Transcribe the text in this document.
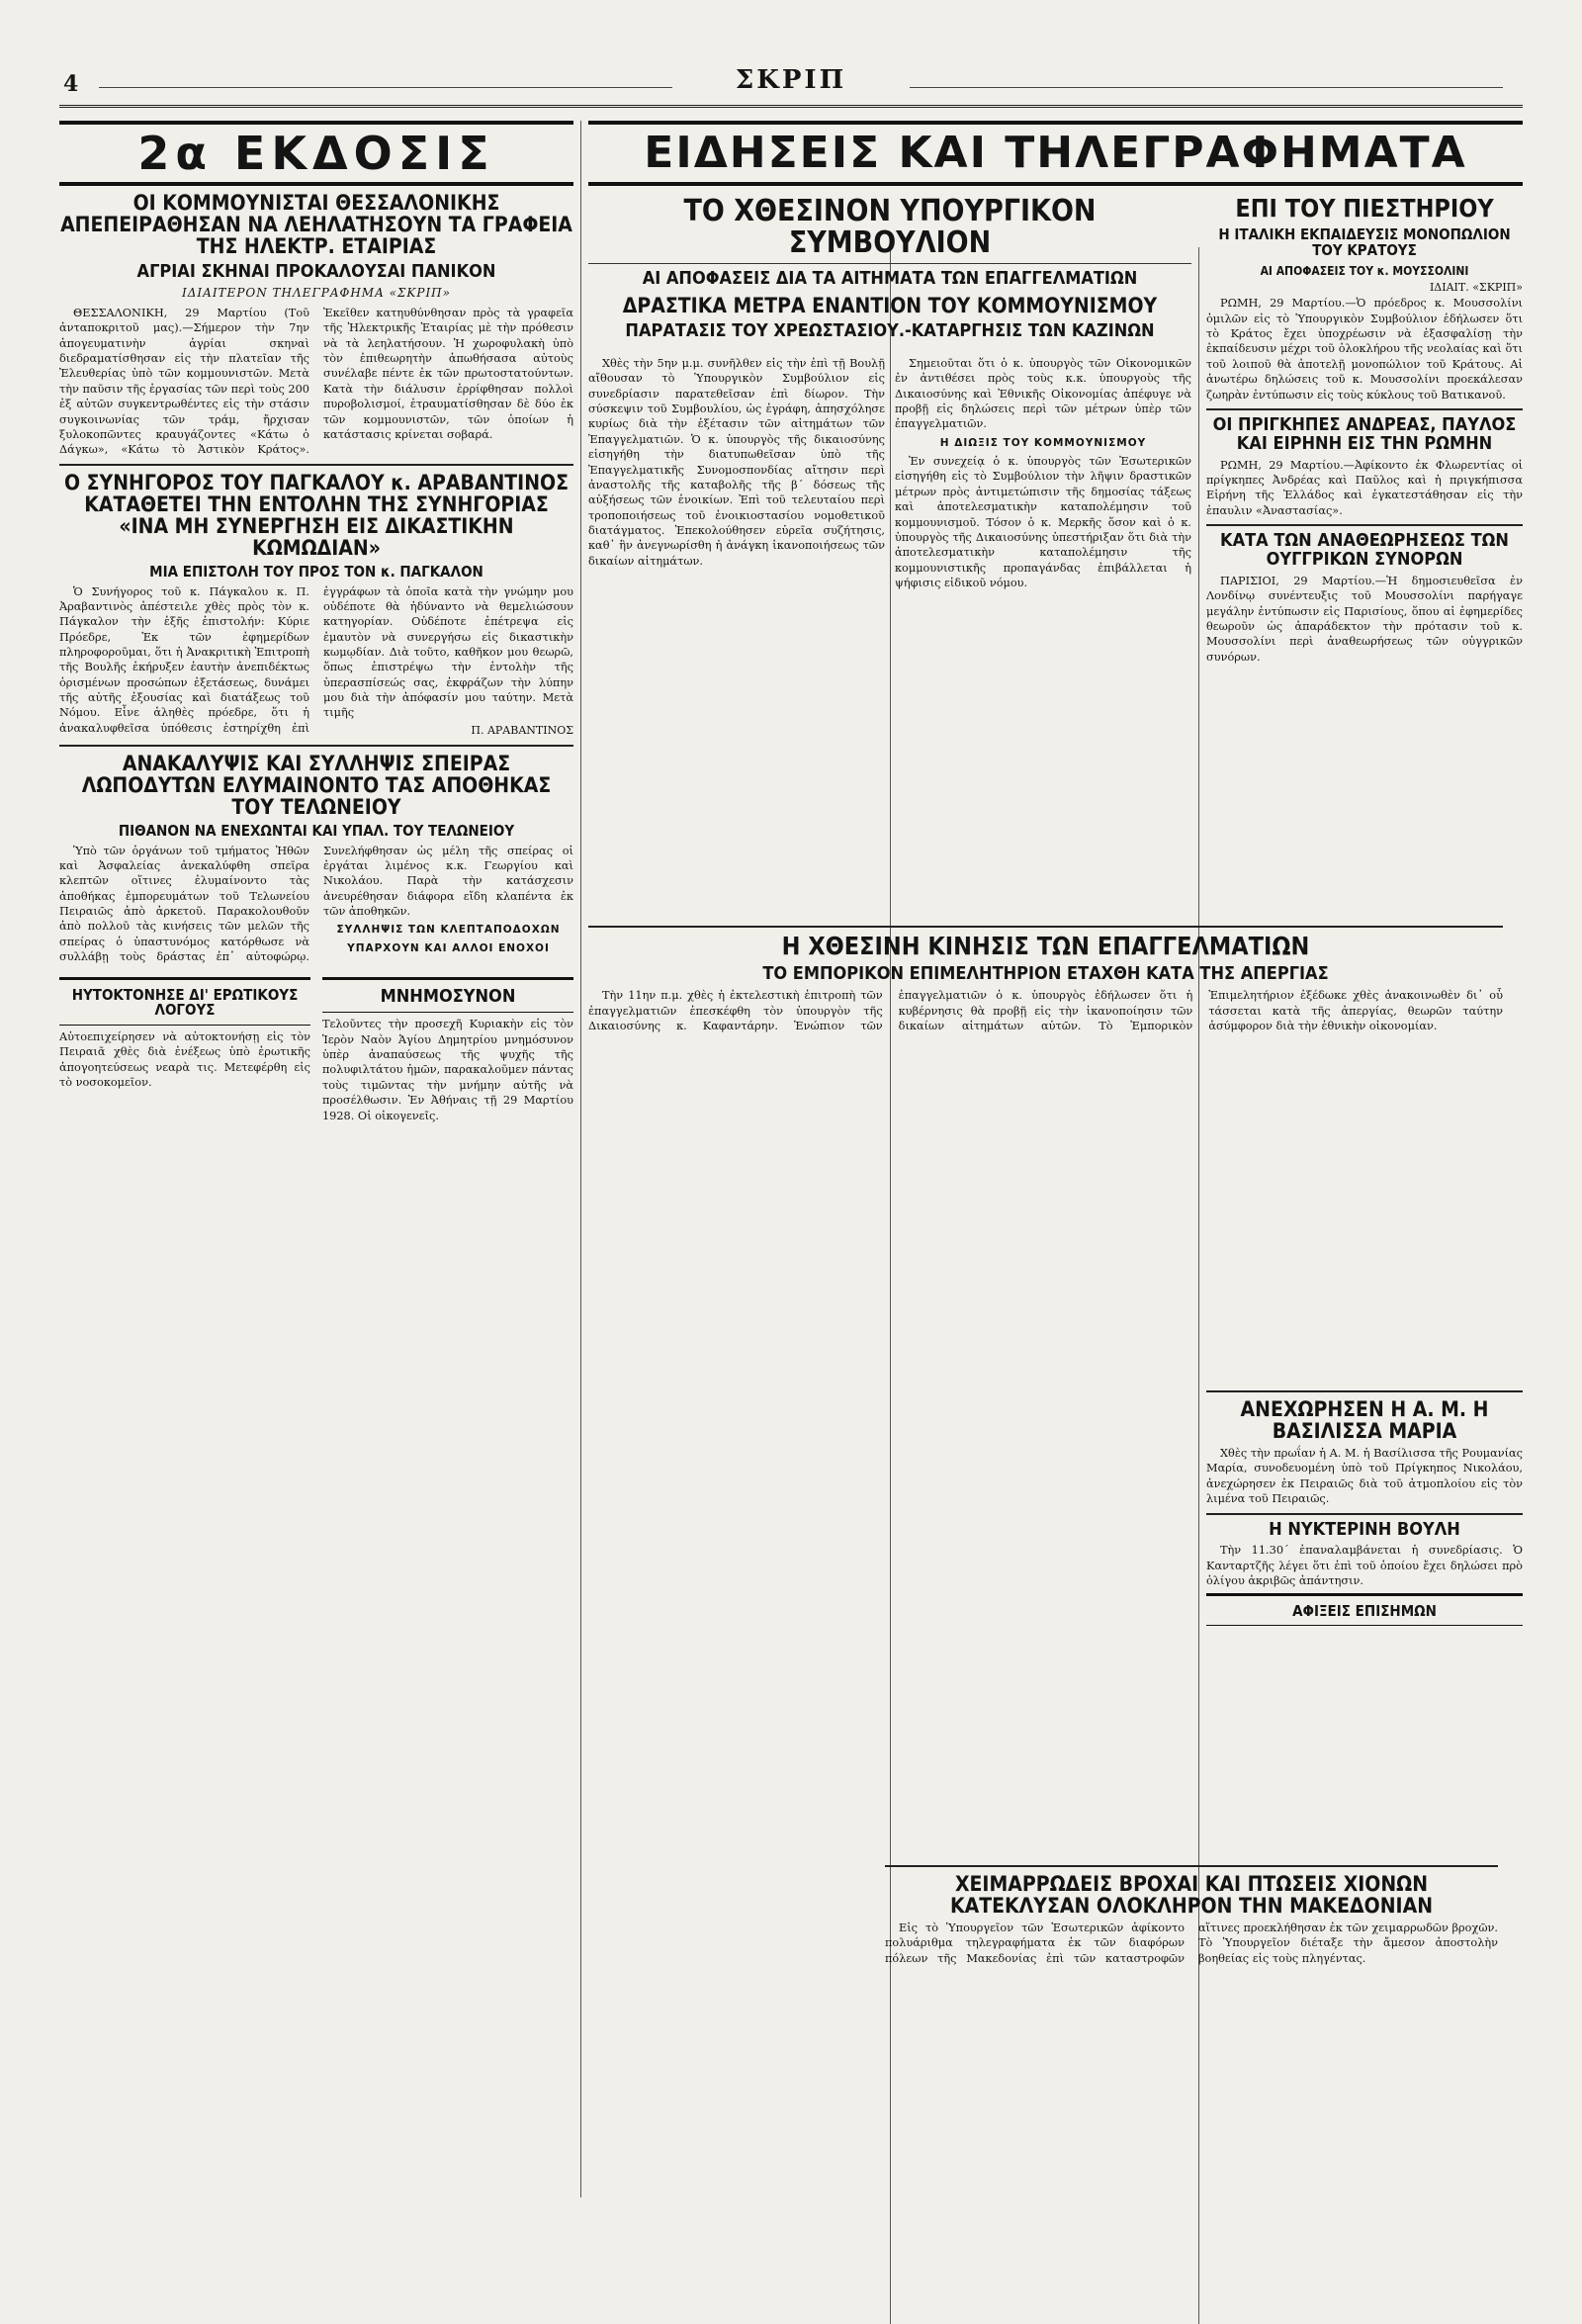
4	ΣΚΡΙΠ
ΕΙΔΗΣΕΙΣ ΚΑΙ ΤΗΛΕΓΡΑΦΗΜΑΤΑ
2α ΕΚΔΟΣΙΣ
ΟΙ ΚΟΜΜΟΥΝΙΣΤΑΙ ΘΕΣΣΑΛΟΝΙΚΗΣ ΑΠΕΠΕΙΡΑΘΗΣΑΝ ΝΑ ΛΕΗΛΑΤΗΣΟΥΝ ΤΑ ΓΡΑΦΕΙΑ ΤΗΣ ΗΛΕΚΤΡ. ΕΤΑΙΡΙΑΣ
ΑΓΡΙΑΙ ΣΚΗΝΑΙ ΠΡΟΚΑΛΟΥΣΑΙ ΠΑΝΙΚΟΝ
ΙΔΙΑΙΤΕΡΟΝ ΤΗΛΕΓΡΑΦΗΜΑ «ΣΚΡΙΠ»

ΘΕΣΣΑΛΟΝΙΚΗ, 29 Μαρτίου (Τοῦ ἀνταποκριτοῦ μας).—Σήμερον τὴν 7ην ἀπογευματινὴν ἀγρίαι σκηναὶ διεδραματίσθησαν εἰς τὴν πλατεῖαν τῆς Ἐλευθερίας ὑπὸ τῶν κομμουνιστῶν. Μετὰ τὴν παῦσιν τῆς ἐργασίας τῶν περὶ τοὺς 200 ἐξ αὐτῶν συγκεντρωθέντες εἰς τὴν στάσιν συγκοινωνίας τῶν τράμ, ἤρχισαν ξυλοκοπῶντες κραυγάζοντες «Κάτω ὁ Δάγκω», «Κάτω τὸ Ἀστικὸν Κράτος». Ἐκεῖθεν κατηυθύνθησαν πρὸς τὰ γραφεῖα τῆς Ἠλεκτρικῆς Ἑταιρίας μὲ τὴν πρόθεσιν νὰ τὰ λεηλατήσουν. Ἡ χωροφυλακὴ ὑπὸ τὸν ἐπιθεωρητὴν ἀπωθήσασα αὐτοὺς συνέλαβε πέντε ἐκ τῶν πρωτοστατούντων. Κατὰ τὴν διάλυσιν ἐρρίφθησαν πολλοὶ πυροβολισμοί, ἐτραυματίσθησαν δὲ δύο ἐκ τῶν κομμουνιστῶν, τῶν ὁποίων ἡ κατάστασις κρίνεται σοβαρά.

Ο ΣΥΝΗΓΟΡΟΣ ΤΟΥ ΠΑΓΚΑΛΟΥ κ. ΑΡΑΒΑΝΤΙΝΟΣ ΚΑΤΑΘΕΤΕΙ ΤΗΝ ΕΝΤΟΛΗΝ ΤΗΣ ΣΥΝΗΓΟΡΙΑΣ «ΙΝΑ ΜΗ ΣΥΝΕΡΓΗΣΗ ΕΙΣ ΔΙΚΑΣΤΙΚΗΝ ΚΩΜΩΔΙΑΝ»
ΜΙΑ ΕΠΙΣΤΟΛΗ ΤΟΥ ΠΡΟΣ ΤΟΝ κ. ΠΑΓΚΑΛΟΝ

Ὁ Συνήγορος τοῦ κ. Πάγκαλου κ. Π. Ἀραβαντινὸς ἀπέστειλε χθὲς πρὸς τὸν κ. Πάγκαλον τὴν ἑξῆς ἐπιστολήν: Κύριε Πρόεδρε, Ἐκ τῶν ἐφημερίδων πληροφοροῦμαι, ὅτι ἡ Ἀνακριτικὴ Ἐπιτροπὴ τῆς Βουλῆς ἐκήρυξεν ἑαυτὴν ἀνεπιδέκτως ὁρισμένων προσώπων ἐξετάσεως, δυνάμει τῆς αὐτῆς ἐξουσίας καὶ διατάξεως τοῦ Νόμου. Εἶνε ἀληθὲς πρόεδρε, ὅτι ἡ ἀνακαλυφθεῖσα ὑπόθεσις ἐστηρίχθη ἐπὶ ἐγγράφων τὰ ὁποῖα κατὰ τὴν γνώμην μου οὐδέποτε θὰ ἠδύναντο νὰ θεμελιώσουν κατηγορίαν. Οὐδέποτε ἐπέτρεψα εἰς ἐμαυτὸν νὰ συνεργήσω εἰς δικαστικὴν κωμῳδίαν. Διὰ τοῦτο, καθῆκον μου θεωρῶ, ὅπως ἐπιστρέψω τὴν ἐντολὴν τῆς ὑπερασπίσεώς σας, ἐκφράζων τὴν λύπην μου διὰ τὴν ἀπόφασίν μου ταύτην. Μετὰ τιμῆς

Π. ΑΡΑΒΑΝΤΙΝΟΣ
ΑΝΑΚΑΛΥΨΙΣ ΚΑΙ ΣΥΛΛΗΨΙΣ ΣΠΕΙΡΑΣ ΛΩΠΟΔΥΤΩΝ ΕΛΥΜΑΙΝΟΝΤΟ ΤΑΣ ΑΠΟΘΗΚΑΣ ΤΟΥ ΤΕΛΩΝΕΙΟΥ
ΠΙΘΑΝΟΝ ΝΑ ΕΝΕΧΩΝΤΑΙ ΚΑΙ ΥΠΑΛ. ΤΟΥ ΤΕΛΩΝΕΙΟΥ

Ὑπὸ τῶν ὀργάνων τοῦ τμήματος Ἠθῶν καὶ Ἀσφαλείας ἀνεκαλύφθη σπεῖρα κλεπτῶν οἵτινες ἐλυμαίνοντο τὰς ἀποθήκας ἐμπορευμάτων τοῦ Τελωνείου Πειραιῶς ἀπὸ ἀρκετοῦ. Παρακολουθοῦν ἀπὸ πολλοῦ τὰς κινήσεις τῶν μελῶν τῆς σπείρας ὁ ὑπαστυνόμος κατόρθωσε νὰ συλλάβῃ τοὺς δράστας ἐπ᾽ αὐτοφώρῳ. Συνελήφθησαν ὡς μέλη τῆς σπείρας οἱ ἐργάται λιμένος κ.κ. Γεωργίου καὶ Νικολάου. Παρὰ τὴν κατάσχεσιν ἀνευρέθησαν διάφορα εἴδη κλαπέντα ἐκ τῶν ἀποθηκῶν.

ΣΥΛΛΗΨΙΣ ΤΩΝ ΚΛΕΠΤΑΠΟΔΟΧΩΝ
ΥΠΑΡΧΟΥΝ ΚΑΙ ΑΛΛΟΙ ΕΝΟΧΟΙ
ΗΥΤΟΚΤΟΝΗΣΕ ΔΙ' ΕΡΩΤΙΚΟΥΣ ΛΟΓΟΥΣ
Αὐτοεπιχείρησεν νὰ αὐτοκτονήσῃ εἰς τὸν Πειραιᾶ χθὲς διὰ ἐνέξεως ὑπὸ ἐρωτικῆς ἀπογοητεύσεως νεαρὰ τις. Μετεφέρθη εἰς τὸ νοσοκομεῖον.
ΜΝΗΜΟΣΥΝΟΝ
Τελοῦντες τὴν προσεχῆ Κυριακὴν εἰς τὸν Ἱερὸν Ναὸν Ἁγίου Δημητρίου μνημόσυνον ὑπὲρ ἀναπαύσεως τῆς ψυχῆς τῆς πολυφιλτάτου ἡμῶν, παρακαλοῦμεν πάντας τοὺς τιμῶντας τὴν μνήμην αὐτῆς νὰ προσέλθωσιν. Ἐν Ἀθήναις τῇ 29 Μαρτίου 1928. Οἱ οἰκογενεῖς.
ΤΟ ΧΘΕΣΙΝΟΝ ΥΠΟΥΡΓΙΚΟΝ ΣΥΜΒΟΥΛΙΟΝ
ΑΙ ΑΠΟΦΑΣΕΙΣ ΔΙΑ ΤΑ ΑΙΤΗΜΑΤΑ ΤΩΝ ΕΠΑΓΓΕΛΜΑΤΙΩΝ
ΔΡΑΣΤΙΚΑ ΜΕΤΡΑ ΕΝΑΝΤΙΟΝ ΤΟΥ ΚΟΜΜΟΥΝΙΣΜΟΥ
ΠΑΡΑΤΑΣΙΣ ΤΟΥ ΧΡΕΩΣΤΑΣΙΟΥ.-ΚΑΤΑΡΓΗΣΙΣ ΤΩΝ ΚΑΖΙΝΩΝ

Χθὲς τὴν 5ην μ.μ. συνῆλθεν εἰς τὴν ἐπὶ τῇ Βουλῇ αἴθουσαν τὸ Ὑπουργικὸν Συμβούλιον εἰς συνεδρίασιν παρατεθεῖσαν ἐπὶ δίωρον. Τὴν σύσκεψιν τοῦ Συμβουλίου, ὡς ἐγράφη, ἀπησχόλησε κυρίως διὰ τὴν ἐξέτασιν τῶν αἰτημάτων τῶν Ἐπαγγελματιῶν. Ὁ κ. ὑπουργὸς τῆς δικαιοσύνης εἰσηγήθη τὴν διατυπωθεῖσαν ὑπὸ τῆς Ἐπαγγελματικῆς Συνομοσπονδίας αἴτησιν περὶ ἀναστολῆς τῆς καταβολῆς τῆς β´ δόσεως τῆς αὐξήσεως τῶν ἐνοικίων. Ἐπὶ τοῦ τελευταίου περὶ τροποποιήσεως τοῦ ἐνοικιοστασίου νομοθετικοῦ διατάγματος. Ἐπεκολούθησεν εὐρεῖα συζήτησις, καθ᾽ ἣν ἀνεγνωρίσθη ἡ ἀνάγκη ἱκανοποιήσεως τῶν δικαίων αἰτημάτων.

Σημειοῦται ὅτι ὁ κ. ὑπουργὸς τῶν Οἰκονομικῶν ἐν ἀντιθέσει πρὸς τοὺς κ.κ. ὑπουργοὺς τῆς Δικαιοσύνης καὶ Ἐθνικῆς Οἰκονομίας ἀπέφυγε νὰ προβῇ εἰς δηλώσεις περὶ τῶν μέτρων ὑπὲρ τῶν ἐπαγγελματιῶν.

Η ΔΙΩΞΙΣ ΤΟΥ ΚΟΜΜΟΥΝΙΣΜΟΥ

Ἐν συνεχείᾳ ὁ κ. ὑπουργὸς τῶν Ἐσωτερικῶν εἰσηγήθη εἰς τὸ Συμβούλιον τὴν λῆψιν δραστικῶν μέτρων πρὸς ἀντιμετώπισιν τῆς δημοσίας τάξεως καὶ ἀποτελεσματικὴν καταπολέμησιν τοῦ κομμουνισμοῦ. Τόσον ὁ κ. Μερκῆς ὅσον καὶ ὁ κ. ὑπουργὸς τῆς Δικαιοσύνης ὑπεστήριξαν ὅτι διὰ τὴν ἀποτελεσματικὴν καταπολέμησιν τῆς κομμουνιστικῆς προπαγάνδας ἐπιβάλλεται ἡ ψήφισις εἰδικοῦ νόμου.

Η ΧΘΕΣΙΝΗ ΚΙΝΗΣΙΣ ΤΩΝ ΕΠΑΓΓΕΛΜΑΤΙΩΝ
ΤΟ ΕΜΠΟΡΙΚΟΝ ΕΠΙΜΕΛΗΤΗΡΙΟΝ ΕΤΑΧΘΗ ΚΑΤΑ ΤΗΣ ΑΠΕΡΓΙΑΣ

Τὴν 11ην π.μ. χθὲς ἡ ἐκτελεστικὴ ἐπιτροπὴ τῶν ἐπαγγελματιῶν ἐπεσκέφθη τὸν ὑπουργὸν τῆς Δικαιοσύνης κ. Καφαντάρην. Ἐνώπιον τῶν ἐπαγγελματιῶν ὁ κ. ὑπουργὸς ἐδήλωσεν ὅτι ἡ κυβέρνησις θὰ προβῇ εἰς τὴν ἱκανοποίησιν τῶν δικαίων αἰτημάτων αὐτῶν. Τὸ Ἐμπορικὸν Ἐπιμελητήριον ἐξέδωκε χθὲς ἀνακοινωθὲν δι᾽ οὗ τάσσεται κατὰ τῆς ἀπεργίας, θεωρῶν ταύτην ἀσύμφορον διὰ τὴν ἐθνικὴν οἰκονομίαν.

ΧΕΙΜΑΡΡΩΔΕΙΣ ΒΡΟΧΑΙ ΚΑΙ ΠΤΩΣΕΙΣ ΧΙΟΝΩΝ ΚΑΤΕΚΛΥΣΑΝ ΟΛΟΚΛΗΡΟΝ ΤΗΝ ΜΑΚΕΔΟΝΙΑΝ

Εἰς τὸ Ὑπουργεῖον τῶν Ἐσωτερικῶν ἀφίκοντο πολυάριθμα τηλεγραφήματα ἐκ τῶν διαφόρων πόλεων τῆς Μακεδονίας ἐπὶ τῶν καταστροφῶν αἵτινες προεκλήθησαν ἐκ τῶν χειμαρρωδῶν βροχῶν. Τὸ Ὑπουργεῖον διέταξε τὴν ἄμεσον ἀποστολὴν βοηθείας εἰς τοὺς πληγέντας.

ΕΠΙ ΤΟΥ ΠΙΕΣΤΗΡΙΟΥ
Η ΙΤΑΛΙΚΗ ΕΚΠΑΙΔΕΥΣΙΣ ΜΟΝΟΠΩΛΙΟΝ ΤΟΥ ΚΡΑΤΟΥΣ
ΑΙ ΑΠΟΦΑΣΕΙΣ ΤΟΥ κ. ΜΟΥΣΣΟΛΙΝΙ
ΙΔΙΑΙΤ. «ΣΚΡΙΠ»

ΡΩΜΗ, 29 Μαρτίου.—Ὁ πρόεδρος κ. Μουσσολίνι ὁμιλῶν εἰς τὸ Ὑπουργικὸν Συμβούλιον ἐδήλωσεν ὅτι τὸ Κράτος ἔχει ὑποχρέωσιν νὰ ἐξασφαλίσῃ τὴν ἐκπαίδευσιν μέχρι τοῦ ὁλοκλήρου τῆς νεολαίας καὶ ὅτι τοῦ λοιποῦ θὰ ἀποτελῇ μονοπώλιον τοῦ Κράτους. Αἱ ἀνωτέρω δηλώσεις τοῦ κ. Μουσσολίνι προεκάλεσαν ζωηρὰν ἐντύπωσιν εἰς τοὺς κύκλους τοῦ Βατικανοῦ.

ΟΙ ΠΡΙΓΚΗΠΕΣ ΑΝΔΡΕΑΣ, ΠΑΥΛΟΣ ΚΑΙ ΕΙΡΗΝΗ ΕΙΣ ΤΗΝ ΡΩΜΗΝ

ΡΩΜΗ, 29 Μαρτίου.—Ἀφίκοντο ἐκ Φλωρεντίας οἱ πρίγκηπες Ἀνδρέας καὶ Παῦλος καὶ ἡ πριγκήπισσα Εἰρήνη τῆς Ἑλλάδος καὶ ἐγκατεστάθησαν εἰς τὴν ἐπαυλιν «Ἀναστασίας».

ΚΑΤΑ ΤΩΝ ΑΝΑΘΕΩΡΗΣΕΩΣ ΤΩΝ ΟΥΓΓΡΙΚΩΝ ΣΥΝΟΡΩΝ

ΠΑΡΙΣΙΟΙ, 29 Μαρτίου.—Ἡ δημοσιευθεῖσα ἐν Λονδίνῳ συνέντευξις τοῦ Μουσσολίνι παρήγαγε μεγάλην ἐντύπωσιν εἰς Παρισίους, ὅπου αἱ ἐφημερίδες θεωροῦν ὡς ἀπαράδεκτον τὴν πρότασιν τοῦ κ. Μουσσολίνι περὶ ἀναθεωρήσεως τῶν οὐγγρικῶν συνόρων.

ΑΝΕΧΩΡΗΣΕΝ Η Α. Μ. Η ΒΑΣΙΛΙΣΣΑ ΜΑΡΙΑ

Χθὲς τὴν πρωΐαν ἡ Α. Μ. ἡ Βασίλισσα τῆς Ρουμανίας Μαρία, συνοδευομένη ὑπὸ τοῦ Πρίγκηπος Νικολάου, ἀνεχώρησεν ἐκ Πειραιῶς διὰ τοῦ ἀτμοπλοίου εἰς τὸν λιμένα τοῦ Πειραιῶς.

Η ΝΥΚΤΕΡΙΝΗ ΒΟΥΛΗ

Τὴν 11.30´ ἐπαναλαμβάνεται ἡ συνεδρίασις. Ὁ Κανταρτζῆς λέγει ὅτι ἐπὶ τοῦ ὁποίου ἔχει δηλώσει πρὸ ὀλίγου ἀκριβῶς ἀπάντησιν.

ΑΦΙΞΕΙΣ ΕΠΙΣΗΜΩΝ
